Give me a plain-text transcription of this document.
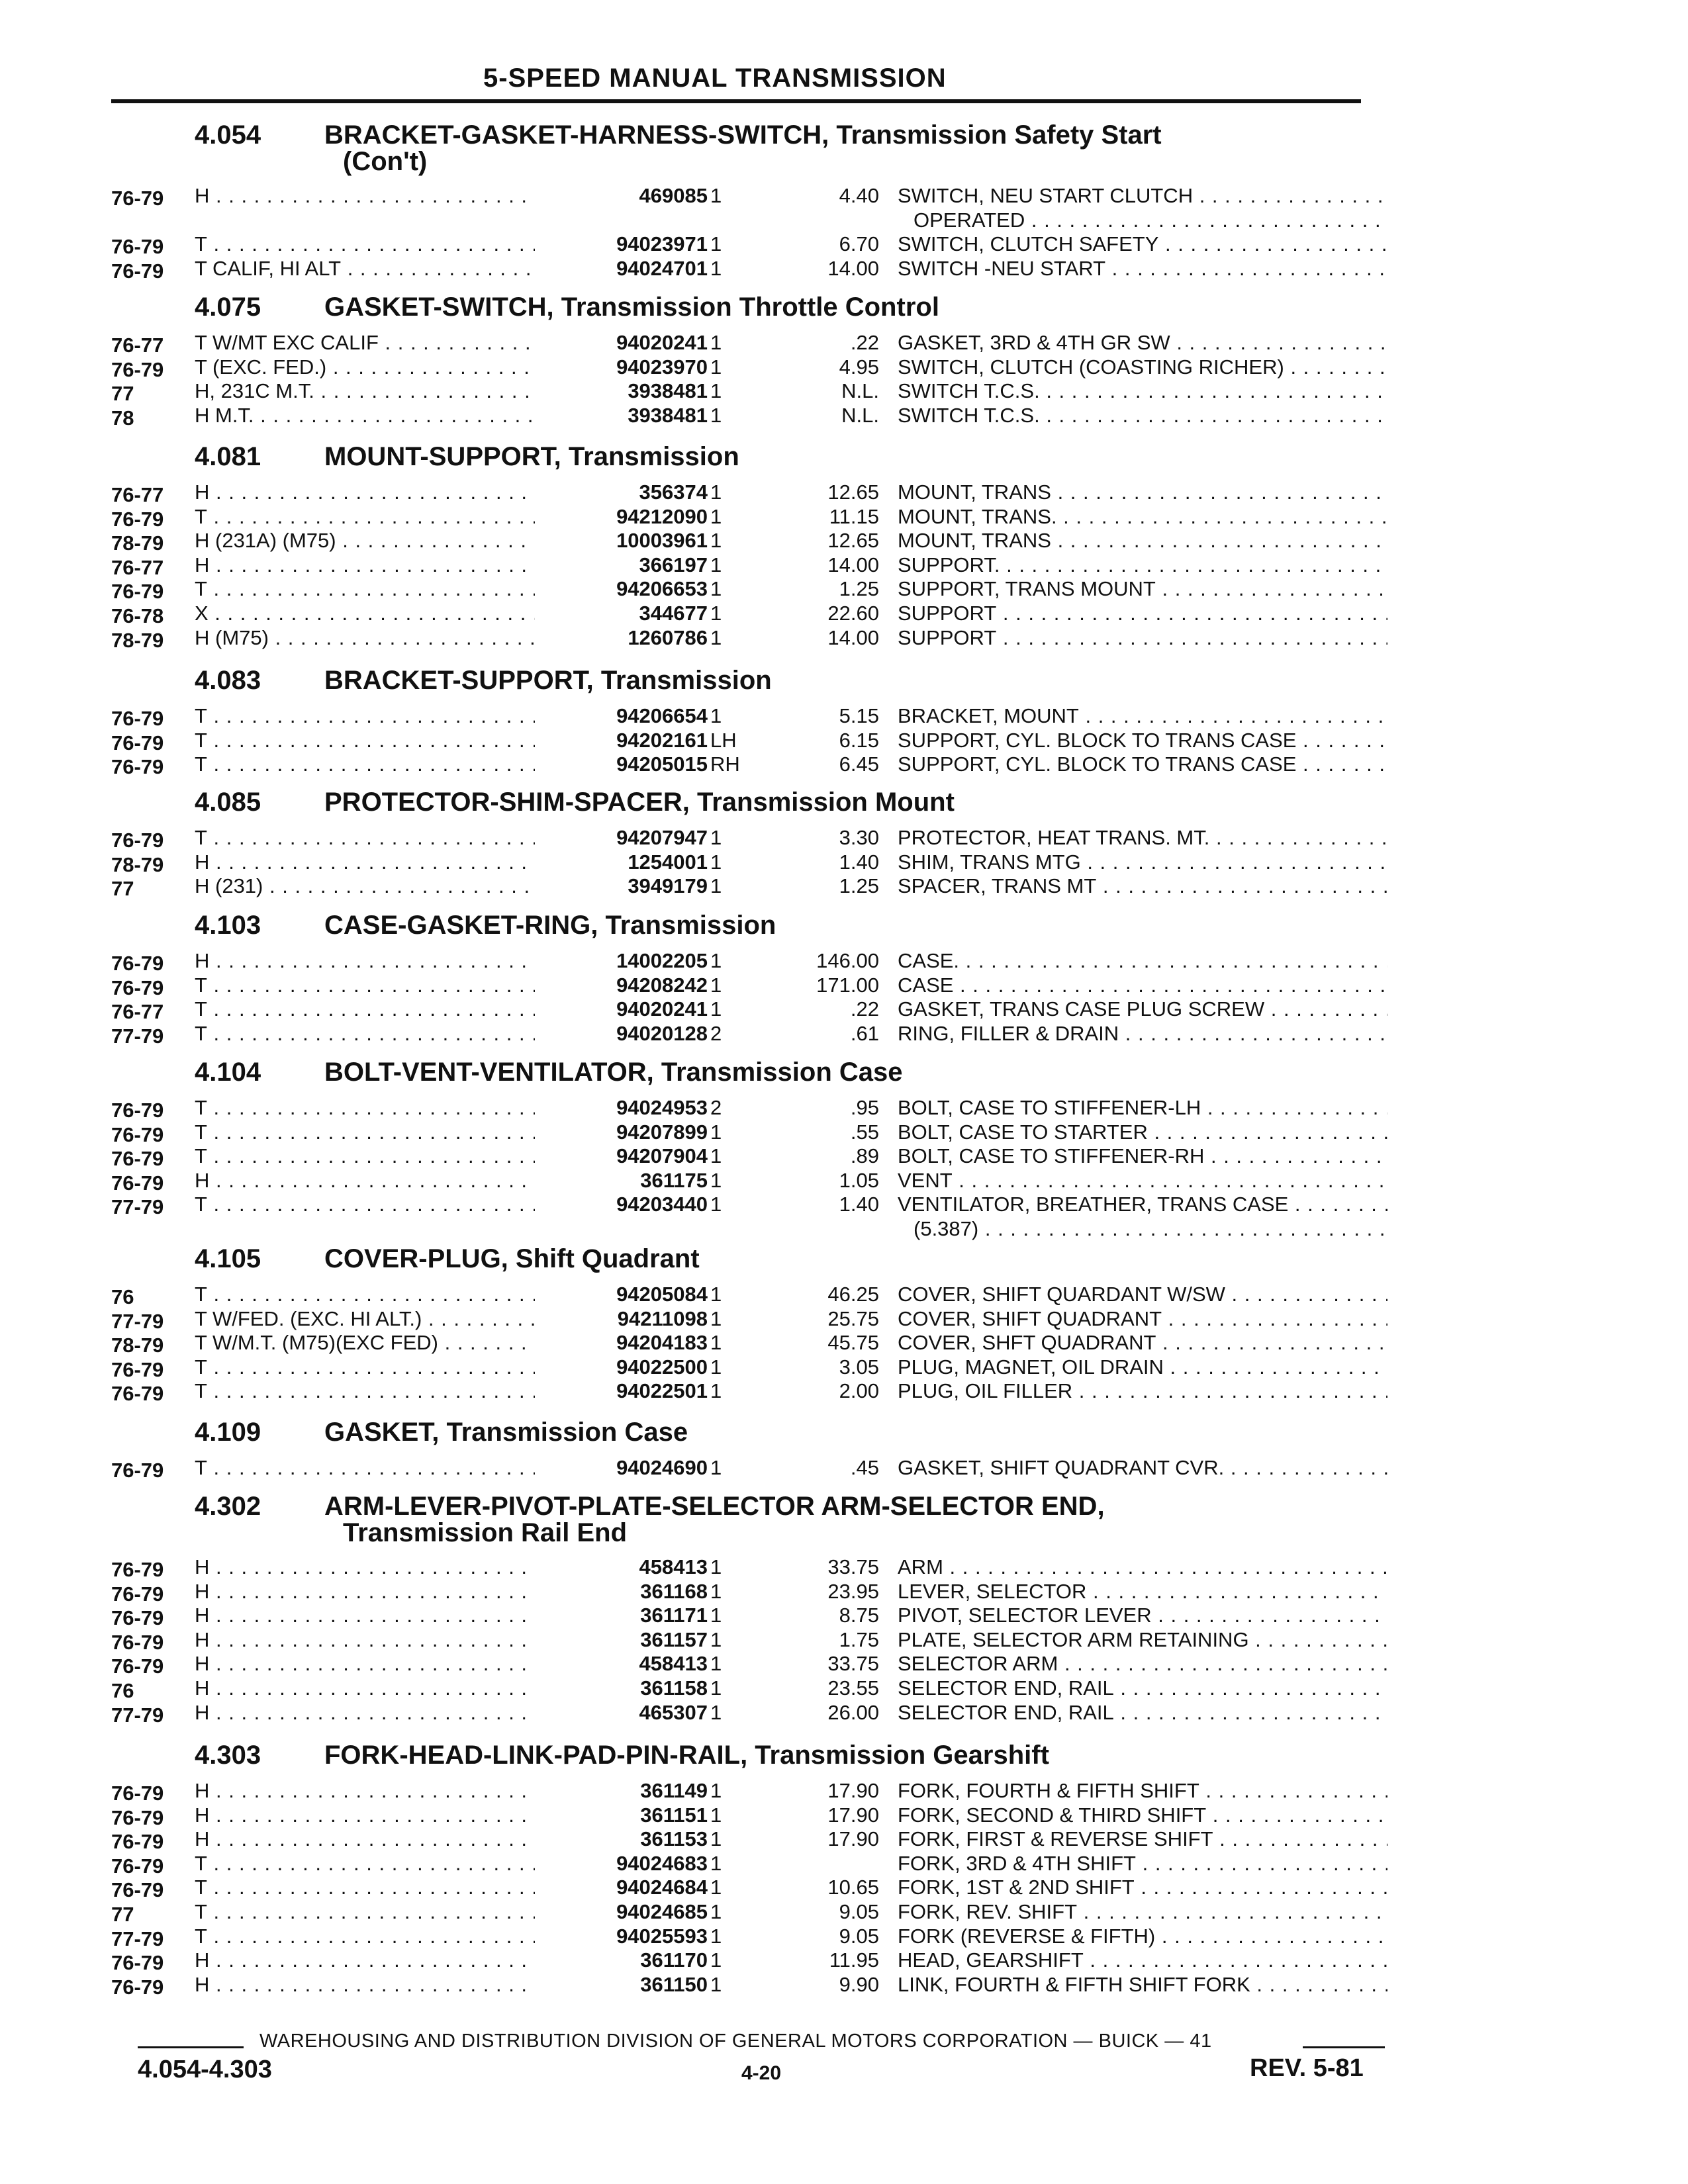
5-SPEED MANUAL TRANSMISSION
4.054 BRACKET-GASKET-HARNESS-SWITCH, Transmission Safety Start
(Con't)
76-79	H . . .	469085 1	4.40 SWITCH, NEU START CLUTCH . . .
OPERATED . . .
76-79	T . . .	94023971 1	6.70 SWITCH, CLUTCH SAFETY . . .
76-79	T CALIF, HI ALT . . .	94024701 1	14.00 SWITCH -NEU START . . .
4.075 GASKET-SWITCH, Transmission Throttle Control
76-77	T W/MT EXC CALIF . . .	94020241 1	.22 GASKET, 3RD & 4TH GR SW . . .
76-79	T (EXC. FED.) . . .	94023970 1	4.95 SWITCH, CLUTCH (COASTING RICHER) . . .
77	H, 231C M.T. . . .	3938481 1	N.L. SWITCH T.C.S. . . .
78	H M.T. . . .	3938481 1	N.L. SWITCH T.C.S. . . .
4.081 MOUNT-SUPPORT, Transmission
76-77	H . . .	356374 1	12.65 MOUNT, TRANS . . .
76-79	T . . .	94212090 1	11.15 MOUNT, TRANS. . . .
78-79	H (231A) (M75) . . .	10003961 1	12.65 MOUNT, TRANS . . .
76-77	H . . .	366197 1	14.00 SUPPORT. . . .
76-79	T . . .	94206653 1	1.25 SUPPORT, TRANS MOUNT . . .
76-78	X . . .	344677 1	22.60 SUPPORT . . .
78-79	H (M75) . . .	1260786 1	14.00 SUPPORT . . .
4.083 BRACKET-SUPPORT, Transmission
76-79	T . . .	94206654 1	5.15 BRACKET, MOUNT . . .
76-79	T . . .	94202161 LH	6.15 SUPPORT, CYL. BLOCK TO TRANS CASE . . .
76-79	T . . .	94205015 RH	6.45 SUPPORT, CYL. BLOCK TO TRANS CASE . . .
4.085 PROTECTOR-SHIM-SPACER, Transmission Mount
76-79	T . . .	94207947 1	3.30 PROTECTOR, HEAT TRANS. MT. . . .
78-79	H . . .	1254001 1	1.40 SHIM, TRANS MTG . . .
77	H (231) . . .	3949179 1	1.25 SPACER, TRANS MT . . .
4.103 CASE-GASKET-RING, Transmission
76-79	H . . .	14002205 1	146.00 CASE. . . .
76-79	T . . .	94208242 1	171.00 CASE . . .
76-77	T . . .	94020241 1	.22 GASKET, TRANS CASE PLUG SCREW . . .
77-79	T . . .	94020128 2	.61 RING, FILLER & DRAIN . . .
4.104 BOLT-VENT-VENTILATOR, Transmission Case
76-79	T . . .	94024953 2	.95 BOLT, CASE TO STIFFENER-LH . . .
76-79	T . . .	94207899 1	.55 BOLT, CASE TO STARTER . . .
76-79	T . . .	94207904 1	.89 BOLT, CASE TO STIFFENER-RH . . .
76-79	H . . .	361175 1	1.05 VENT . . .
77-79	T . . .	94203440 1	1.40 VENTILATOR, BREATHER, TRANS CASE . . .
(5.387) . . .
4.105 COVER-PLUG, Shift Quadrant
76	T . . .	94205084 1	46.25 COVER, SHIFT QUARDANT W/SW . . .
77-79	T W/FED. (EXC. HI ALT.) . . .	94211098 1	25.75 COVER, SHIFT QUADRANT . . .
78-79	T W/M.T. (M75)(EXC FED) . . .	94204183 1	45.75 COVER, SHFT QUADRANT . . .
76-79	T . . .	94022500 1	3.05 PLUG, MAGNET, OIL DRAIN . . .
76-79	T . . .	94022501 1	2.00 PLUG, OIL FILLER . . .
4.109 GASKET, Transmission Case
76-79	T . . .	94024690 1	.45 GASKET, SHIFT QUADRANT CVR. . . .
4.302 ARM-LEVER-PIVOT-PLATE-SELECTOR ARM-SELECTOR END,
Transmission Rail End
76-79	H . . .	458413 1	33.75 ARM . . .
76-79	H . . .	361168 1	23.95 LEVER, SELECTOR . . .
76-79	H . . .	361171 1	8.75 PIVOT, SELECTOR LEVER . . .
76-79	H . . .	361157 1	1.75 PLATE, SELECTOR ARM RETAINING . . .
76-79	H . . .	458413 1	33.75 SELECTOR ARM . . .
76	H . . .	361158 1	23.55 SELECTOR END, RAIL . . .
77-79	H . . .	465307 1	26.00 SELECTOR END, RAIL . . .
4.303 FORK-HEAD-LINK-PAD-PIN-RAIL, Transmission Gearshift
76-79	H . . .	361149 1	17.90 FORK, FOURTH & FIFTH SHIFT . . .
76-79	H . . .	361151 1	17.90 FORK, SECOND & THIRD SHIFT . . .
76-79	H . . .	361153 1	17.90 FORK, FIRST & REVERSE SHIFT . . .
76-79	T . . .	94024683 1	FORK, 3RD & 4TH SHIFT . . .
76-79	T . . .	94024684 1	10.65 FORK, 1ST & 2ND SHIFT . . .
77	T . . .	94024685 1	9.05 FORK, REV. SHIFT . . .
77-79	T . . .	94025593 1	9.05 FORK (REVERSE & FIFTH) . . .
76-79	H . . .	361170 1	11.95 HEAD, GEARSHIFT . . .
76-79	H . . .	361150 1	9.90 LINK, FOURTH & FIFTH SHIFT FORK . . .
WAREHOUSING AND DISTRIBUTION DIVISION OF GENERAL MOTORS CORPORATION — BUICK — 41
4.054-4.303	4-20	REV. 5-81
